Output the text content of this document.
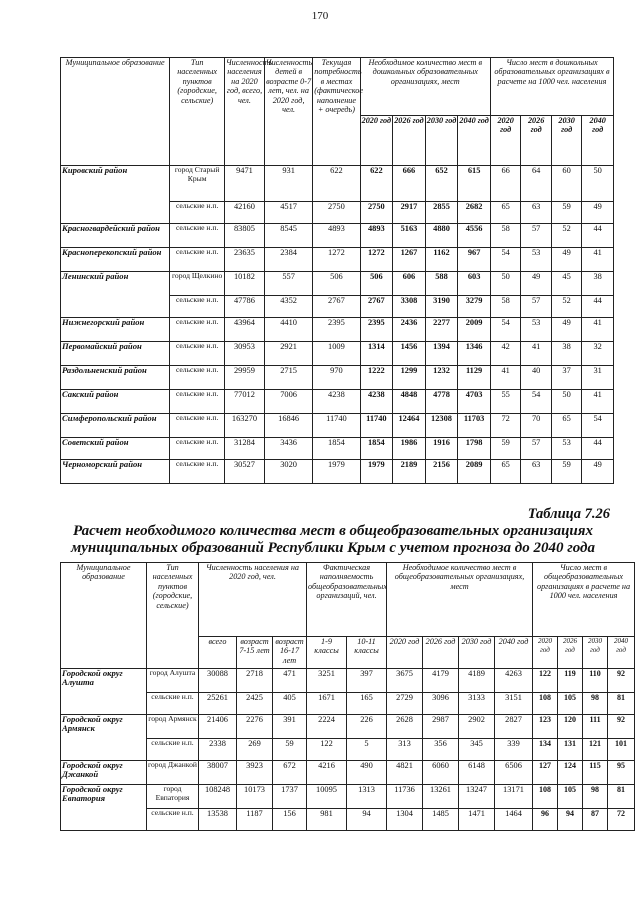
170
Муниципальное образование	Тип населенных пунктов (городские, сельские)	Численность населения на 2020 год, всего, чел.	Численность детей в возрасте 0-7 лет, чел. на 2020 год, чел.	Текущая потребность в местах (фактическое наполнение + очередь)	Необходимое количество мест в дошкольных образовательных организациях, мест				Число мест в дошкольных образовательных организациях в расчете на 1000 чел. населения			
					2020 год	2026 год	2030 год	2040 год	2020 год	2026 год	2030 год	2040 год
Кировский район	город Старый Крым	9471	931	622	622	666	652	615	66	64	60	50
	сельские н.п.	42160	4517	2750	2750	2917	2855	2682	65	63	59	49
Красногвардейский район	сельские н.п.	83805	8545	4893	4893	5163	4880	4556	58	57	52	44
Красноперекопский район	сельские н.п.	23635	2384	1272	1272	1267	1162	967	54	53	49	41
Ленинский район	город Щелкино	10182	557	506	506	606	588	603	50	49	45	38
	сельские н.п.	47786	4352	2767	2767	3308	3190	3279	58	57	52	44
Нижнегорский район	сельские н.п.	43964	4410	2395	2395	2436	2277	2009	54	53	49	41
Первомайский район	сельские н.п.	30953	2921	1009	1314	1456	1394	1346	42	41	38	32
Раздольненский район	сельские н.п.	29959	2715	970	1222	1299	1232	1129	41	40	37	31
Сакский район	сельские н.п.	77012	7006	4238	4238	4848	4778	4703	55	54	50	41
Симферопольский район	сельские н.п.	163270	16846	11740	11740	12464	12308	11703	72	70	65	54
Советский район	сельские н.п.	31284	3436	1854	1854	1986	1916	1798	59	57	53	44
Черноморский район	сельские н.п.	30527	3020	1979	1979	2189	2156	2089	65	63	59	49
Таблица 7.26
Расчет необходимого количества мест в общеобразовательных организациях муниципальных образований Республики Крым с учетом прогноза до 2040 года
Муниципальное образование	Тип населенных пунктов (городские, сельские)	Численность населения на 2020 год, чел.			Фактическая наполняемость общеобразовательных организаций, чел.		Необходимое количество мест в общеобразовательных организациях, мест				Число мест в общеобразовательных организациях в расчете на 1000 чел. населения			
		всего	возраст 7-15 лет	возраст 16-17 лет	1-9 классы	10-11 классы	2020 год	2026 год	2030 год	2040 год	2020 год	2026 год	2030 год	2040 год
Городской округ Алушта	город Алушта	30088	2718	471	3251	397	3675	4179	4189	4263	122	119	110	92
	сельские н.п.	25261	2425	405	1671	165	2729	3096	3133	3151	108	105	98	81
Городской округ Армянск	город Армянск	21406	2276	391	2224	226	2628	2987	2902	2827	123	120	111	92
	сельские н.п.	2338	269	59	122	5	313	356	345	339	134	131	121	101
Городской округ Джанкой	город Джанкой	38007	3923	672	4216	490	4821	6060	6148	6506	127	124	115	95
Городской округ Евпатория	город Евпатория	108248	10173	1737	10095	1313	11736	13261	13247	13171	108	105	98	81
	сельские н.п.	13538	1187	156	981	94	1304	1485	1471	1464	96	94	87	72
